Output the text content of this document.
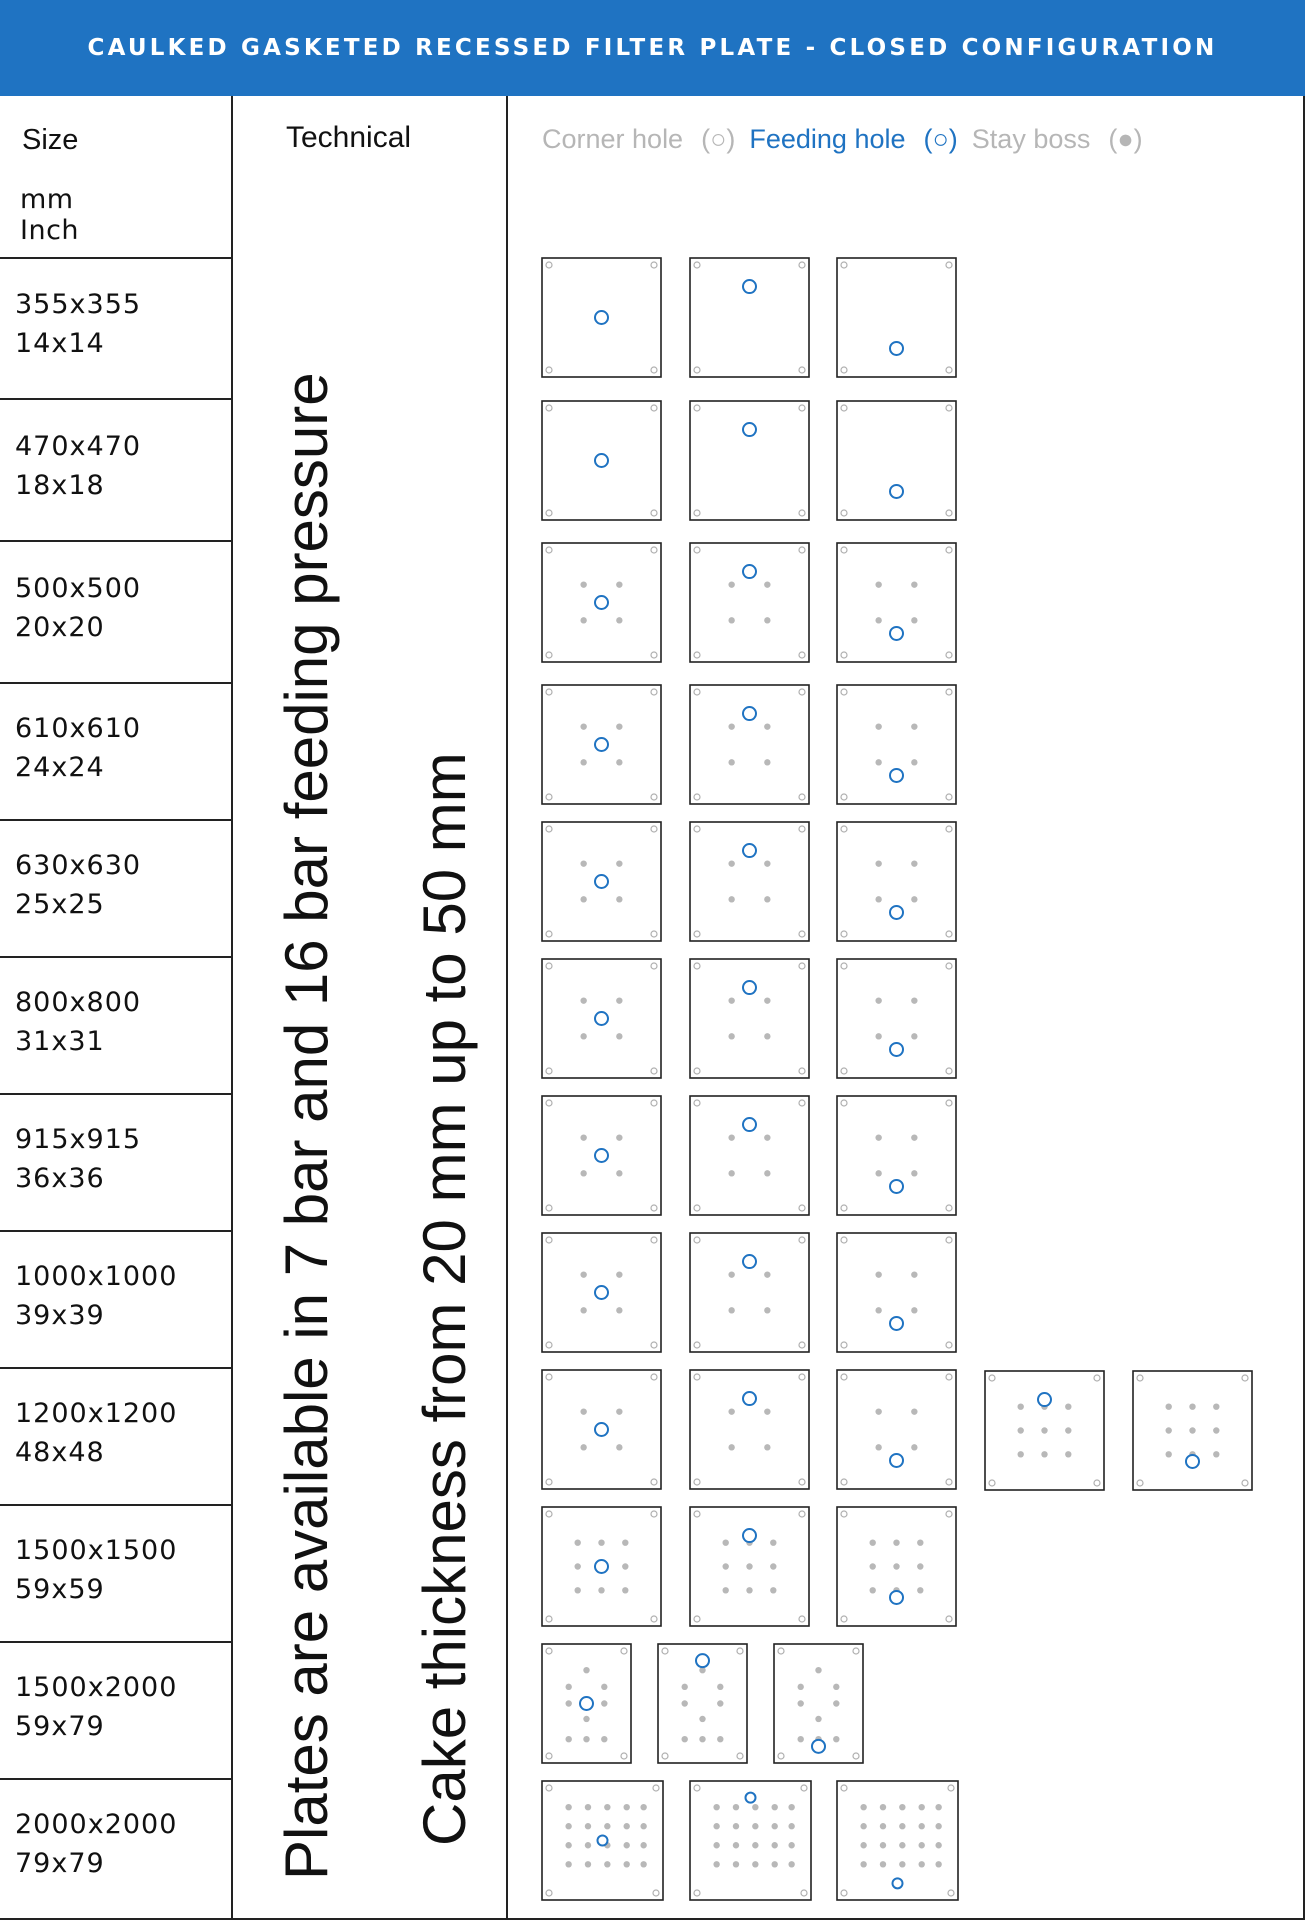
CAULKED GASKETED RECESSED FILTER PLATE - CLOSED CONFIGURATION
Size
mm
Inch
Technical	Corner hole (○) Feeding hole (○) Stay boss (●)
355x355
14x14
470x470
18x18
500x500
20x20
610x610
24x24
630x630
25x25
800x800
31x31
915x915
36x36
1000x1000
39x39
1200x1200
48x48
1500x1500
59x59
1500x2000
59x79
2000x2000
79x79	Plates are available in 7 bar and 16 bar feeding pressure Cake thickness from 20 mm up to 50 mm
